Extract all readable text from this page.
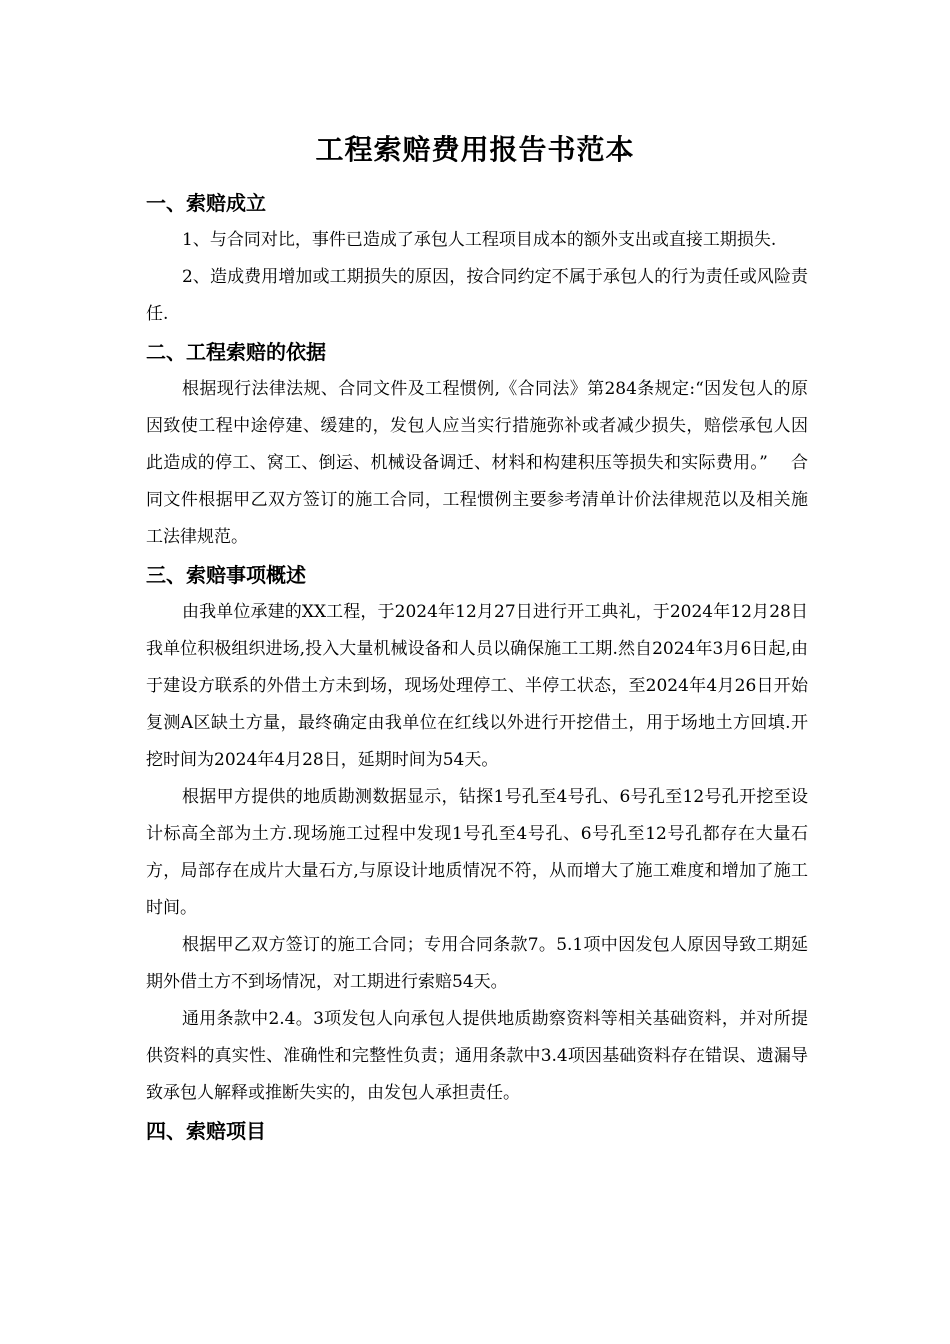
工程索赔费用报告书范本
一、索赔成立

1、与合同对比，事件已造成了承包人工程项目成本的额外支出或直接工期损失.

2、造成费用增加或工期损失的原因，按合同约定不属于承包人的行为责任或风险责任.

二、工程索赔的依据

根据现行法律法规、合同文件及工程惯例,《合同法》第284条规定:“因发包人的原因致使工程中途停建、缓建的，发包人应当实行措施弥补或者减少损失，赔偿承包人因此造成的停工、窝工、倒运、机械设备调迁、材料和构建积压等损失和实际费用。”　 合同文件根据甲乙双方签订的施工合同，工程惯例主要参考清单计价法律规范以及相关施工法律规范。

三、索赔事项概述

由我单位承建的XX工程，于2024年12月27日进行开工典礼，于2024年12月28日我单位积极组织进场,投入大量机械设备和人员以确保施工工期.然自2024年3月6日起,由于建设方联系的外借土方未到场，现场处理停工、半停工状态，至2024年4月26日开始复测A区缺土方量，最终确定由我单位在红线以外进行开挖借土，用于场地土方回填.开挖时间为2024年4月28日，延期时间为54天。

根据甲方提供的地质勘测数据显示，钻探1号孔至4号孔、6号孔至12号孔开挖至设计标高全部为土方.现场施工过程中发现1号孔至4号孔、6号孔至12号孔都存在大量石方，局部存在成片大量石方,与原设计地质情况不符，从而增大了施工难度和增加了施工时间。

根据甲乙双方签订的施工合同；专用合同条款7。5.1项中因发包人原因导致工期延期外借土方不到场情况，对工期进行索赔54天。

通用条款中2.4。3项发包人向承包人提供地质勘察资料等相关基础资料，并对所提供资料的真实性、准确性和完整性负责；通用条款中3.4项因基础资料存在错误、遗漏导致承包人解释或推断失实的，由发包人承担责任。

四、索赔项目
